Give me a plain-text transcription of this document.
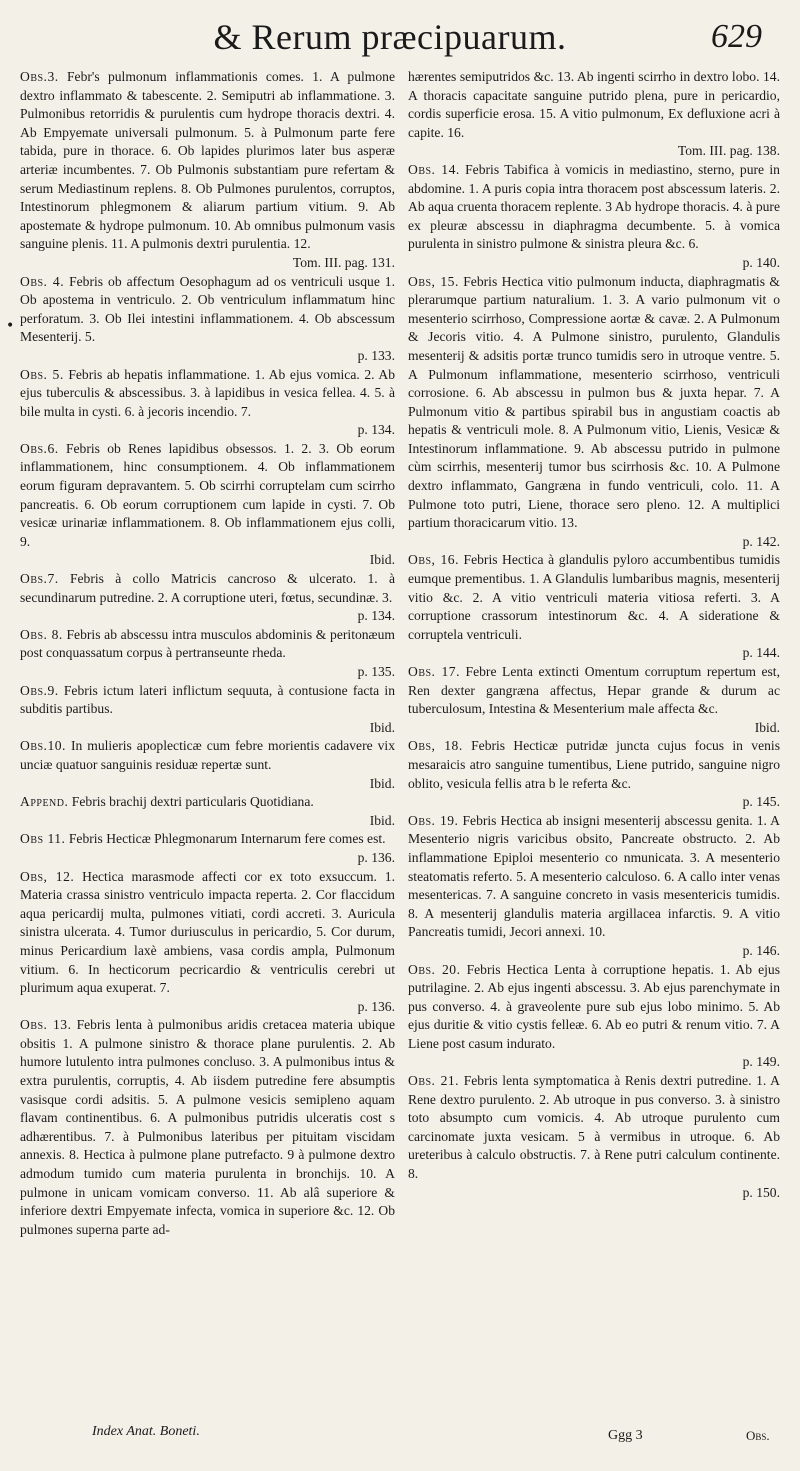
& Rerum præcipuarum.	629
•
Obs.3. Febr's pulmonum inflammationis comes. 1. A pulmone dextro inflammato & tabescente. 2. Semiputri ab inflammatione. 3. Pulmonibus retorridis & purulentis cum hydrope thoracis dextri. 4. Ab Empyemate universali pulmonum. 5. à Pulmonum parte fere tabida, pure in thorace. 6. Ob lapides plurimos later bus asperæ arteriæ incumbentes. 7. Ob Pulmonis substantiam pure refertam & serum Mediastinum replens. 8. Ob Pulmones purulentos, corruptos, Intestinorum phlegmonem & aliarum partium vitium. 9. Ab apostemate & hydrope pulmonum. 10. Ab omnibus pulmonum vasis sanguine plenis. 11. A pulmonis dextri purulentia. 12.
Tom. III. pag. 131.
Obs. 4. Febris ob affectum Oesophagum ad os ventriculi usque 1. Ob apostema in ventriculo. 2. Ob ventriculum inflammatum hinc perforatum. 3. Ob Ilei intestini inflammationem. 4. Ob abscessum Mesenterij. 5.
p. 133.
Obs. 5. Febris ab hepatis inflammatione. 1. Ab ejus vomica. 2. Ab ejus tuberculis & abscessibus. 3. à lapidibus in vesica fellea. 4. 5. à bile multa in cysti. 6. à jecoris incendio. 7.
p. 134.
Obs.6. Febris ob Renes lapidibus obsessos. 1. 2. 3. Ob eorum inflammationem, hinc consumptionem. 4. Ob inflammationem eorum figuram depravantem. 5. Ob scirrhi corruptelam cum scirrho pancreatis. 6. Ob eorum corruptionem cum lapide in cysti. 7. Ob vesicæ urinariæ inflammationem. 8. Ob inflammationem ejus colli, 9.
Ibid.
Obs.7. Febris à collo Matricis cancroso & ulcerato. 1. à secundinarum putredine. 2. A corruptione uteri, fœtus, secundinæ. 3.
p. 134.
Obs. 8. Febris ab abscessu intra musculos abdominis & peritonæum post conquassatum corpus à pertranseunte rheda.
p. 135.
Obs.9. Febris ictum lateri inflictum sequuta, à contusione facta in subditis partibus.
Ibid.
Obs.10. In mulieris apoplecticæ cum febre morientis cadavere vix unciæ quatuor sanguinis residuæ repertæ sunt.
Ibid.
Append. Febris brachij dextri particularis Quotidiana.
Ibid.
Obs 11. Febris Hecticæ Phlegmonarum Internarum fere comes est.
p. 136.
Obs, 12. Hectica marasmode affecti cor ex toto exsuccum. 1. Materia crassa sinistro ventriculo impacta reperta. 2. Cor flaccidum aqua pericardij multa, pulmones vitiati, cordi accreti. 3. Auricula sinistra ulcerata. 4. Tumor duriusculus in pericardio, 5. Cor durum, minus Pericardium laxè ambiens, vasa cordis ampla, Pulmonum vitium. 6. In hecticorum pecricardio & ventriculis cerebri ut plurimum aqua exuperat. 7.
p. 136.
Obs. 13. Febris lenta à pulmonibus aridis cretacea materia ubique obsitis 1. A pulmone sinistro & thorace plane purulentis. 2. Ab humore lutulento intra pulmones concluso. 3. A pulmonibus intus & extra purulentis, corruptis, 4. Ab iisdem putredine fere absumptis vasisque cordi adsitis. 5. A pulmone vesicis semipleno aquam flavam continentibus. 6. A pulmonibus putridis ulceratis cost s adhærentibus. 7. à Pulmonibus lateribus per pituitam viscidam annexis. 8. Hectica à pulmone plane putrefacto. 9 à pulmone dextro admodum tumido cum materia purulenta in bronchijs. 10. A pulmone in unicam vomicam converso. 11. Ab alâ superiore & inferiore dextri Empyemate infecta, vomica in superiore &c. 12. Ob pulmones superna parte ad-
hærentes semiputridos &c. 13. Ab ingenti scirrho in dextro lobo. 14. A thoracis capacitate sanguine putrido plena, pure in pericardio, cordis superficie erosa. 15. A vitio pulmonum, Ex defluxione acri à capite. 16.
Tom. III. pag. 138.
Obs. 14. Febris Tabifica à vomicis in mediastino, sterno, pure in abdomine. 1. A puris copia intra thoracem post abscessum lateris. 2. Ab aqua cruenta thoracem replente. 3 Ab hydrope thoracis. 4. à pure ex pleuræ abscessu in diaphragma decumbente. 5. à vomica purulenta in sinistro pulmone & sinistra pleura &c. 6.
p. 140.
Obs, 15. Febris Hectica vitio pulmonum inducta, diaphragmatis & plerarumque partium naturalium. 1. 3. A vario pulmonum vit o mesenterio scirrhoso, Compressione aortæ & cavæ. 2. A Pulmonum & Jecoris vitio. 4. A Pulmone sinistro, purulento, Glandulis mesenterij & adsitis portæ trunco tumidis sero in utroque ventre. 5. A Pulmonum inflammatione, mesenterio scirrhoso, ventriculi corrosione. 6. Ab abscessu in pulmon bus & juxta hepar. 7. A Pulmonum vitio & partibus spirabil bus in angustiam coactis ab hepatis & ventriculi mole. 8. A Pulmonum vitio, Lienis, Vesicæ & Intestinorum inflammatione. 9. Ab abscessu putrido in pulmone cùm scirrhis, mesenterij tumor bus scirrhosis &c. 10. A Pulmone dextro inflammato, Gangræna in fundo ventriculi, colo. 11. A Pulmone toto putri, Liene, thorace sero pleno. 12. A multiplici partium thoracicarum vitio. 13.
p. 142.
Obs, 16. Febris Hectica à glandulis pyloro accumbentibus tumidis eumque prementibus. 1. A Glandulis lumbaribus magnis, mesenterij vitio &c. 2. A vitio ventriculi materia vitiosa referti. 3. A corruptione crassorum intestinorum &c. 4. A sideratione & corruptela ventriculi.
p. 144.
Obs. 17. Febre Lenta extincti Omentum corruptum repertum est, Ren dexter gangræna affectus, Hepar grande & durum ac tuberculosum, Intestina & Mesenterium male affecta &c.
Ibid.
Obs, 18. Febris Hecticæ putridæ juncta cujus focus in venis mesaraicis atro sanguine tumentibus, Liene putrido, sanguine nigro oblito, vesicula fellis atra b le referta &c.
p. 145.
Obs. 19. Febris Hectica ab insigni mesenterij abscessu genita. 1. A Mesenterio nigris varicibus obsito, Pancreate obstructo. 2. Ab inflammatione Epiploi mesenterio co nmunicata. 3. A mesenterio steatomatis referto. 5. A mesenterio calculoso. 6. A callo inter venas mesentericas. 7. A sanguine concreto in vasis mesentericis tumidis. 8. A mesenterij glandulis materia argillacea infarctis. 9. A vitio Pancreatis tumidi, Jecori annexi. 10.
p. 146.
Obs. 20. Febris Hectica Lenta à corruptione hepatis. 1. Ab ejus putrilagine. 2. Ab ejus ingenti abscessu. 3. Ab ejus parenchymate in pus converso. 4. à graveolente pure sub ejus lobo minimo. 5. Ab ejus duritie & vitio cystis felleæ. 6. Ab eo putri & renum vitio. 7. A Liene post casum indurato.
p. 149.
Obs. 21. Febris lenta symptomatica à Renis dextri putredine. 1. A Rene dextro purulento. 2. Ab utroque in pus converso. 3. à sinistro toto absumpto cum vomicis. 4. Ab utroque purulento cum carcinomate juxta vesicam. 5 à vermibus in utroque. 6. Ab ureteribus à calculo obstructis. 7. à Rene putri calculum continente. 8.
p. 150.
Index Anat. Boneti.	Ggg 3	Obs.
